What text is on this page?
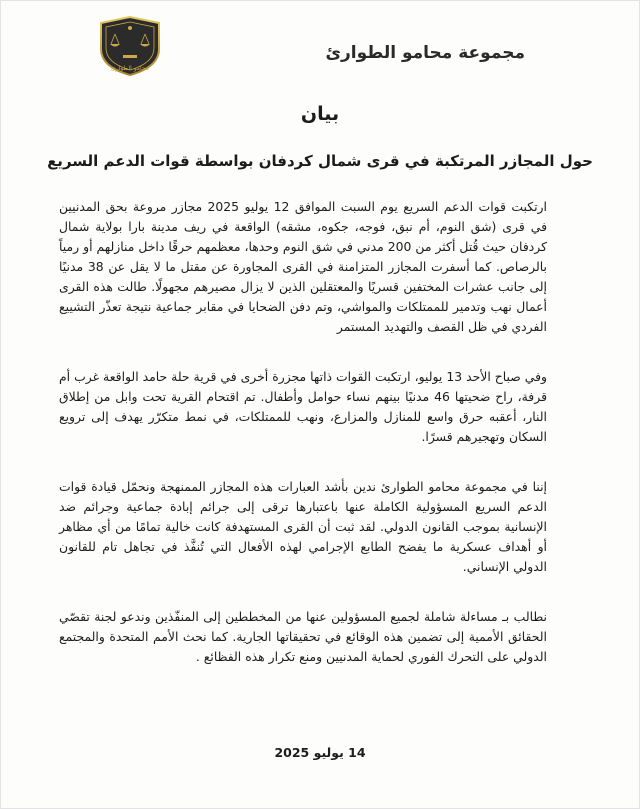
مجموعة محامو الطوارئ
محامو الطوارئ
بيان
حول المجازر المرتكبة في قرى شمال كردفان بواسطة قوات الدعم السريع

ارتكبت قوات الدعم السريع يوم السبت الموافق 12 يوليو 2025 مجازر مروعة بحق المدنيين في قرى (شق النوم، أم نبق، فوجه، جكوه، مشقه) الواقعة في ريف مدينة بارا بولاية شمال كردفان حيث قُتل أكثر من 200 مدني في شق النوم وحدها، معظمهم حرقًا داخل منازلهم أو رمياً بالرصاص. كما أسفرت المجازر المتزامنة في القرى المجاورة عن مقتل ما لا يقل عن 38 مدنيًا إلى جانب عشرات المختفين قسريًا والمعتقلين الذين لا يزال مصيرهم مجهولًا. طالت هذه القرى أعمال نهب وتدمير للممتلكات والمواشي، وتم دفن الضحايا في مقابر جماعية نتيجة تعذّر التشييع الفردي في ظل القصف والتهديد المستمر

وفي صباح الأحد 13 يوليو، ارتكبت القوات ذاتها مجزرة أخرى في قرية حلة حامد الواقعة غرب أم قرفة، راح ضحيتها 46 مدنيًا بينهم نساء حوامل وأطفال. تم اقتحام القرية تحت وابل من إطلاق النار، أعقبه حرق واسع للمنازل والمزارع، ونهب للممتلكات، في نمط متكرّر يهدف إلى ترويع السكان وتهجيرهم قسرًا.

إننا في مجموعة محامو الطوارئ ندين بأشد العبارات هذه المجازر الممنهجة ونحمّل قيادة قوات الدعم السريع المسؤولية الكاملة عنها باعتبارها ترقى إلى جرائم إبادة جماعية وجرائم ضد الإنسانية بموجب القانون الدولي. لقد ثبت أن القرى المستهدفة كانت خالية تمامًا من أي مظاهر أو أهداف عسكرية ما يفضح الطابع الإجرامي لهذه الأفعال التي تُنفَّذ في تجاهل تام للقانون الدولي الإنساني.

نطالب بـ مساءلة شاملة لجميع المسؤولين عنها من المخططين إلى المنفّذين وندعو لجنة تقصّي الحقائق الأممية إلى تضمين هذه الوقائع في تحقيقاتها الجارية. كما نحث الأمم المتحدة والمجتمع الدولي على التحرك الفوري لحماية المدنيين ومنع تكرار هذه الفظائع .

14 يوليو 2025
